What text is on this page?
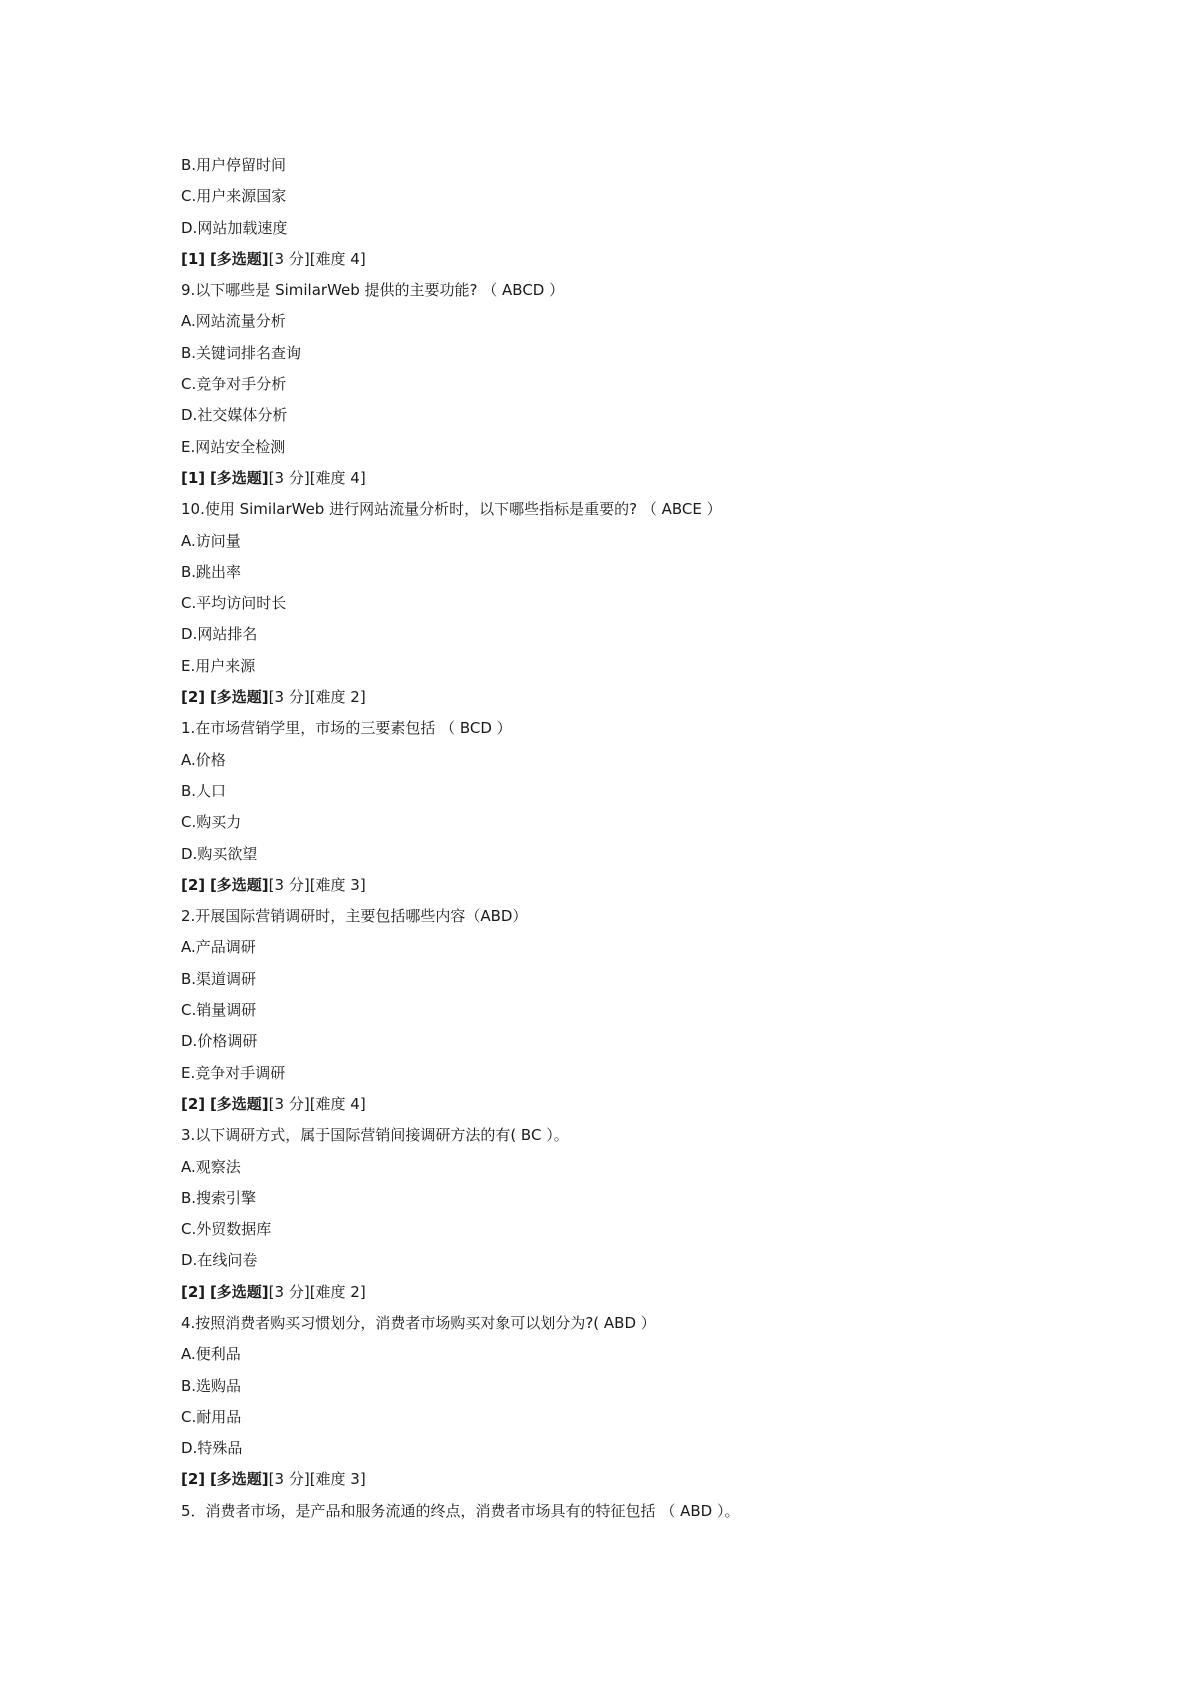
B.用户停留时间
C.用户来源国家
D.网站加载速度
[1] [多选题][3 分][难度 4]
9.以下哪些是 SimilarWeb 提供的主要功能? （ ABCD ）
A.网站流量分析
B.关键词排名查询
C.竞争对手分析
D.社交媒体分析
E.网站安全检测
[1] [多选题][3 分][难度 4]
10.使用 SimilarWeb 进行网站流量分析时，以下哪些指标是重要的? （ ABCE ）
A.访问量
B.跳出率
C.平均访问时长
D.网站排名
E.用户来源
[2] [多选题][3 分][难度 2]
1.在市场营销学里，市场的三要素包括 （ BCD ）
A.价格
B.人口
C.购买力
D.购买欲望
[2] [多选题][3 分][难度 3]
2.开展国际营销调研时，主要包括哪些内容（ABD）
A.产品调研
B.渠道调研
C.销量调研
D.价格调研
E.竞争对手调研
[2] [多选题][3 分][难度 4]
3.以下调研方式，属于国际营销间接调研方法的有( BC ）。
A.观察法
B.搜索引擎
C.外贸数据库
D.在线问卷
[2] [多选题][3 分][难度 2]
4.按照消费者购买习惯划分，消费者市场购买对象可以划分为?( ABD ）
A.便利品
B.选购品
C.耐用品
D.特殊品
[2] [多选题][3 分][难度 3]
5．消费者市场，是产品和服务流通的终点，消费者市场具有的特征包括 （ ABD ）。
